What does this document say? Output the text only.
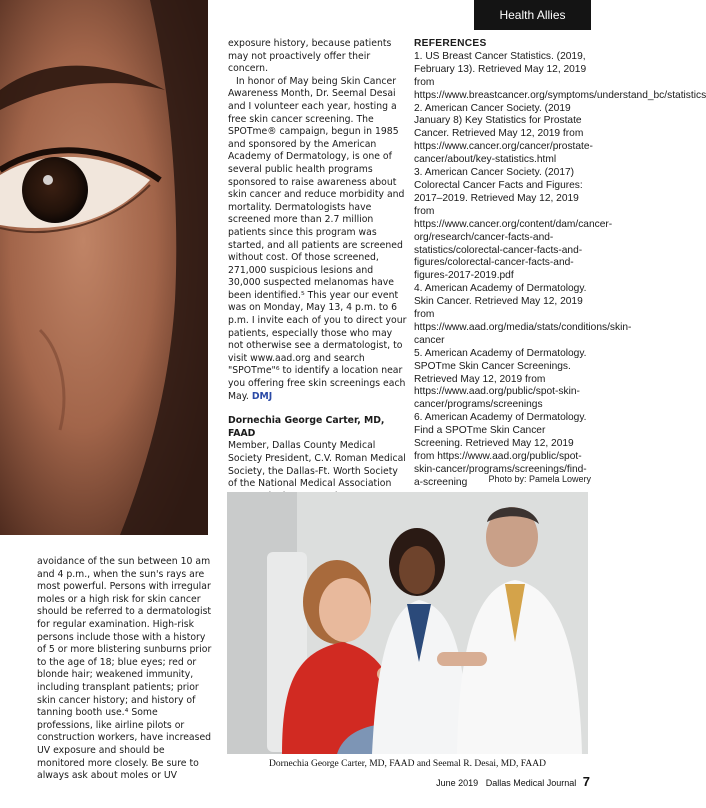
Health Allies

exposure history, because patients may not proactively offer their concern.

In honor of May being Skin Cancer Awareness Month, Dr. Seemal Desai and I volunteer each year, hosting a free skin cancer screening. The SPOTme® campaign, begun in 1985 and sponsored by the American Academy of Dermatology, is one of several public health programs sponsored to raise awareness about skin cancer and reduce morbidity and mortality. Dermatologists have screened more than 2.7 million patients since this program was started, and all patients are screened without cost. Of those screened, 271,000 suspicious lesions and 30,000 suspected melanomas have been identified.⁵ This year our event was on Monday, May 13, 4 p.m. to 6 p.m. I invite each of you to direct your patients, especially those who may not otherwise see a dermatologist, to visit www.aad.org and search "SPOTme"⁶ to identify a location near you offering free skin screenings each May. DMJ

Dornechia George Carter, MD, FAAD
Member, Dallas County Medical Society President, C.V. Roman Medical Society, the Dallas-Ft. Worth Society of the National Medical Association

REFERENCES
1. US Breast Cancer Statistics. (2019, February 13). Retrieved May 12, 2019 from https://www.breastcancer.org/symptoms/understand_bc/statistics
2. American Cancer Society. (2019 January 8) Key Statistics for Prostate Cancer. Retrieved May 12, 2019 from https://www.cancer.org/cancer/prostate-cancer/about/key-statistics.html
3. American Cancer Society. (2017) Colorectal Cancer Facts and Figures: 2017–2019. Retrieved May 12, 2019 from https://www.cancer.org/content/dam/cancer-org/research/cancer-facts-and-statistics/colorectal-cancer-facts-and-figures/colorectal-cancer-facts-and-figures-2017-2019.pdf
4. American Academy of Dermatology. Skin Cancer. Retrieved May 12, 2019 from https://www.aad.org/media/stats/conditions/skin-cancer
5. American Academy of Dermatology. SPOTme Skin Cancer Screenings. Retrieved May 12, 2019 from https://www.aad.org/public/spot-skin-cancer/programs/screenings
6. American Academy of Dermatology. Find a SPOTme Skin Cancer Screening. Retrieved May 12, 2019 from https://www.aad.org/public/spot-skin-cancer/programs/screenings/find-a-screening	Photo by: Pamela Lowery

avoidance of the sun between 10 am and 4 p.m., when the sun's rays are most powerful. Persons with irregular moles or a high risk for skin cancer should be referred to a dermatologist for regular examination. High-risk persons include those with a history of 5 or more blistering sunburns prior to the age of 18; blue eyes; red or blonde hair; weakened immunity, including transplant patients; prior skin cancer history; and history of tanning booth use.⁴ Some professions, like airline pilots or construction workers, have increased UV exposure and should be monitored more closely. Be sure to always ask about moles or UV

Dornechia George Carter, MD, FAAD and Seemal R. Desai, MD, FAAD
June 2019 Dallas Medical Journal 7
